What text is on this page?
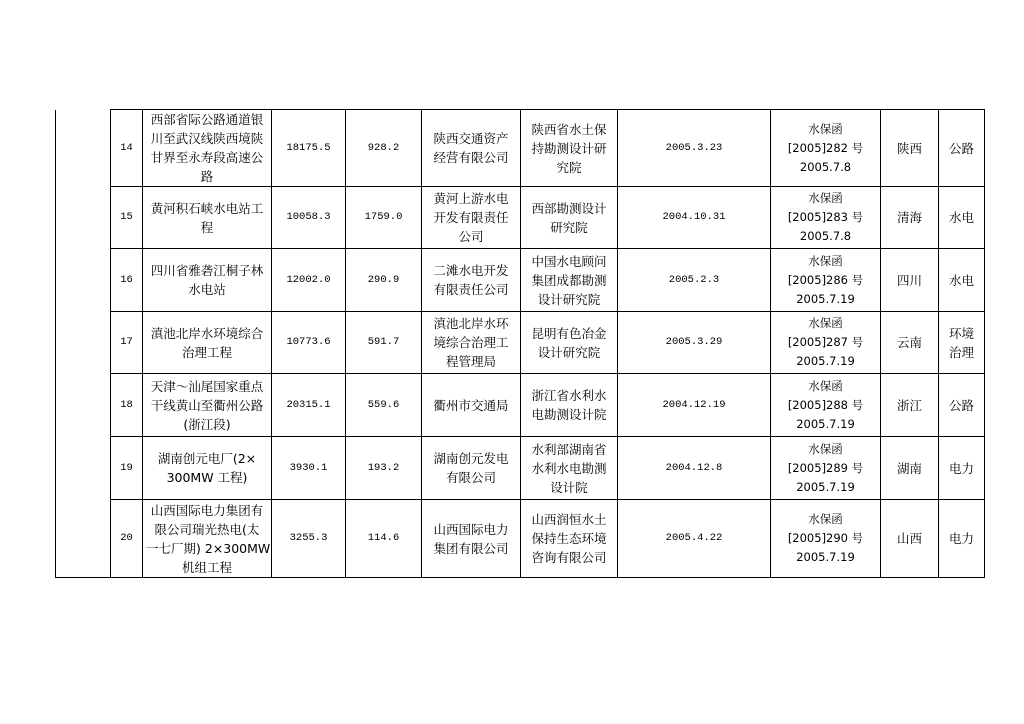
	14	西部省际公路通道银
川至武汉线陕西境陕
甘界至永寿段高速公
路	18175.5	928.2	陕西交通资产
经营有限公司	陕西省水土保
持勘测设计研
究院	2005.3.23	水保函
[2005]282 号
2005.7.8	陕西	公路

	15	黄河积石峡水电站工
程	10058.3	1759.0	黄河上游水电
开发有限责任
公司	西部勘测设计
研究院	2004.10.31	水保函
[2005]283 号
2005.7.8	清海	水电

	16	四川省雅砻江桐子林
水电站	12002.0	290.9	二滩水电开发
有限责任公司	中国水电顾问
集团成都勘测
设计研究院	2005.2.3	水保函
[2005]286 号
2005.7.19	四川	水电

	17	滇池北岸水环境综合
治理工程	10773.6	591.7	滇池北岸水环
境综合治理工
程管理局	昆明有色冶金
设计研究院	2005.3.29	水保函
[2005]287 号
2005.7.19	云南	环境
治理

	18	天津～汕尾国家重点
干线黄山至衢州公路
(浙江段)	20315.1	559.6	衢州市交通局	浙江省水利水
电勘测设计院	2004.12.19	水保函
[2005]288 号
2005.7.19	浙江	公路

	19	湖南创元电厂(2×
300MW 工程)	3930.1	193.2	湖南创元发电
有限公司	水利部湖南省
水利水电勘测
设计院	2004.12.8	水保函
[2005]289 号
2005.7.19	湖南	电力

	20	山西国际电力集团有
限公司瑞光热电(太
一七厂期) 2×300MW
机组工程	3255.3	114.6	山西国际电力
集团有限公司	山西润恒水土
保持生态环境
咨询有限公司	2005.4.22	水保函
[2005]290 号
2005.7.19	山西	电力
